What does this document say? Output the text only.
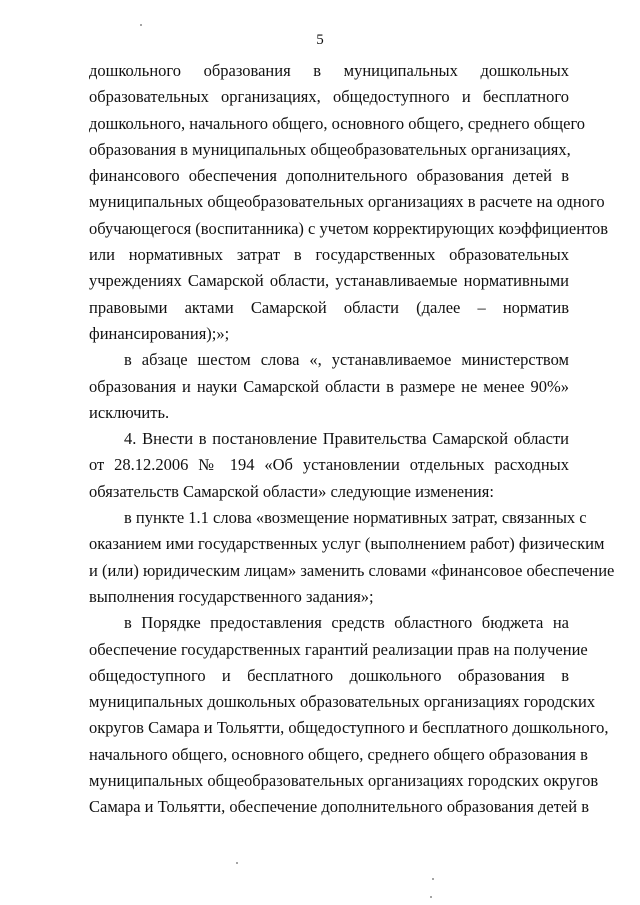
5
дошкольного образования в муниципальных дошкольных
образовательных организациях, общедоступного и бесплатного
дошкольного, начального общего, основного общего, среднего общего
образования в муниципальных общеобразовательных организациях,
финансового обеспечения дополнительного образования детей в
муниципальных общеобразовательных организациях в расчете на одного
обучающегося (воспитанника) с учетом корректирующих коэффициентов
или нормативных затрат в государственных образовательных
учреждениях Самарской области, устанавливаемые нормативными
правовыми актами Самарской области (далее – норматив
финансирования);»;
в абзаце шестом слова «, устанавливаемое министерством
образования и науки Самарской области в размере не менее 90%»
исключить.
4. Внести в постановление Правительства Самарской области
от 28.12.2006 № 194 «Об установлении отдельных расходных
обязательств Самарской области» следующие изменения:
в пункте 1.1 слова «возмещение нормативных затрат, связанных с
оказанием ими государственных услуг (выполнением работ) физическим
и (или) юридическим лицам» заменить словами «финансовое обеспечение
выполнения государственного задания»;
в Порядке предоставления средств областного бюджета на
обеспечение государственных гарантий реализации прав на получение
общедоступного и бесплатного дошкольного образования в
муниципальных дошкольных образовательных организациях городских
округов Самара и Тольятти, общедоступного и бесплатного дошкольного,
начального общего, основного общего, среднего общего образования в
муниципальных общеобразовательных организациях городских округов
Самара и Тольятти, обеспечение дополнительного образования детей в
